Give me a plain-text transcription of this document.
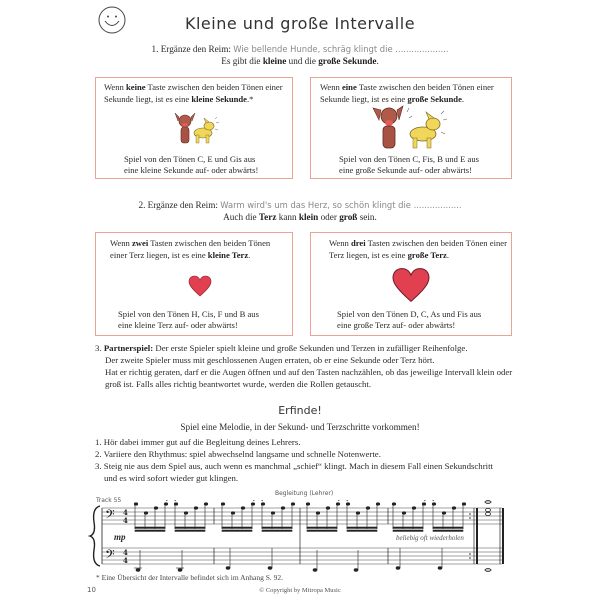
Kleine und große Intervalle
1. Ergänze den Reim: Wie bellende Hunde, schräg klingt die ....................
Es gibt die kleine und die große Sekunde.
Wenn keine Taste zwischen den beiden Tönen einer Sekunde liegt, ist es eine kleine Sekunde.*
Spiel von den Tönen C, E und Gis aus
eine kleine Sekunde auf- oder abwärts!
Wenn eine Taste zwischen den beiden Tönen einer Sekunde liegt, ist es eine große Sekunde.
Spiel von den Tönen C, Fis, B und E aus
eine große Sekunde auf- oder abwärts!
2. Ergänze den Reim: Warm wird's um das Herz, so schön klingt die ..................
Auch die Terz kann klein oder groß sein.
Wenn zwei Tasten zwischen den beiden Tönen einer Terz liegen, ist es eine kleine Terz.
Spiel von den Tönen H, Cis, F und B aus
eine kleine Terz auf- oder abwärts!
Wenn drei Tasten zwischen den beiden Tönen einer Terz liegen, ist es eine große Terz.
Spiel von den Tönen D, C, As und Fis aus
eine große Terz auf- oder abwärts!
3. Partnerspiel: Der erste Spieler spielt kleine und große Sekunden und Terzen in zufälliger Reihenfolge.
Der zweite Spieler muss mit geschlossenen Augen erraten, ob er eine Sekunde oder Terz hört.
Hat er richtig geraten, darf er die Augen öffnen und auf den Tasten nachzählen, ob das jeweilige Intervall klein oder
groß ist. Falls alles richtig beantwortet wurde, werden die Rollen getauscht.
Erfinde!
Spiel eine Melodie, in der Sekund- und Terzschritte vorkommen!
1. Hör dabei immer gut auf die Begleitung deines Lehrers.
2. Variiere den Rhythmus: spiel abwechselnd langsame und schnelle Notenwerte.
3. Steig nie aus dem Spiel aus, auch wenn es manchmal „schief“ klingt. Mach in diesem Fall einen Sekundschritt
und es wird sofort wieder gut klingen.
Track 55
Begleitung (Lehrer)
mp	beliebig oft wiederholen
𝄢
𝄢
4
4
4
4
* Eine Übersicht der Intervalle befindet sich im Anhang S. 92.
10	© Copyright by Mitropa Music
